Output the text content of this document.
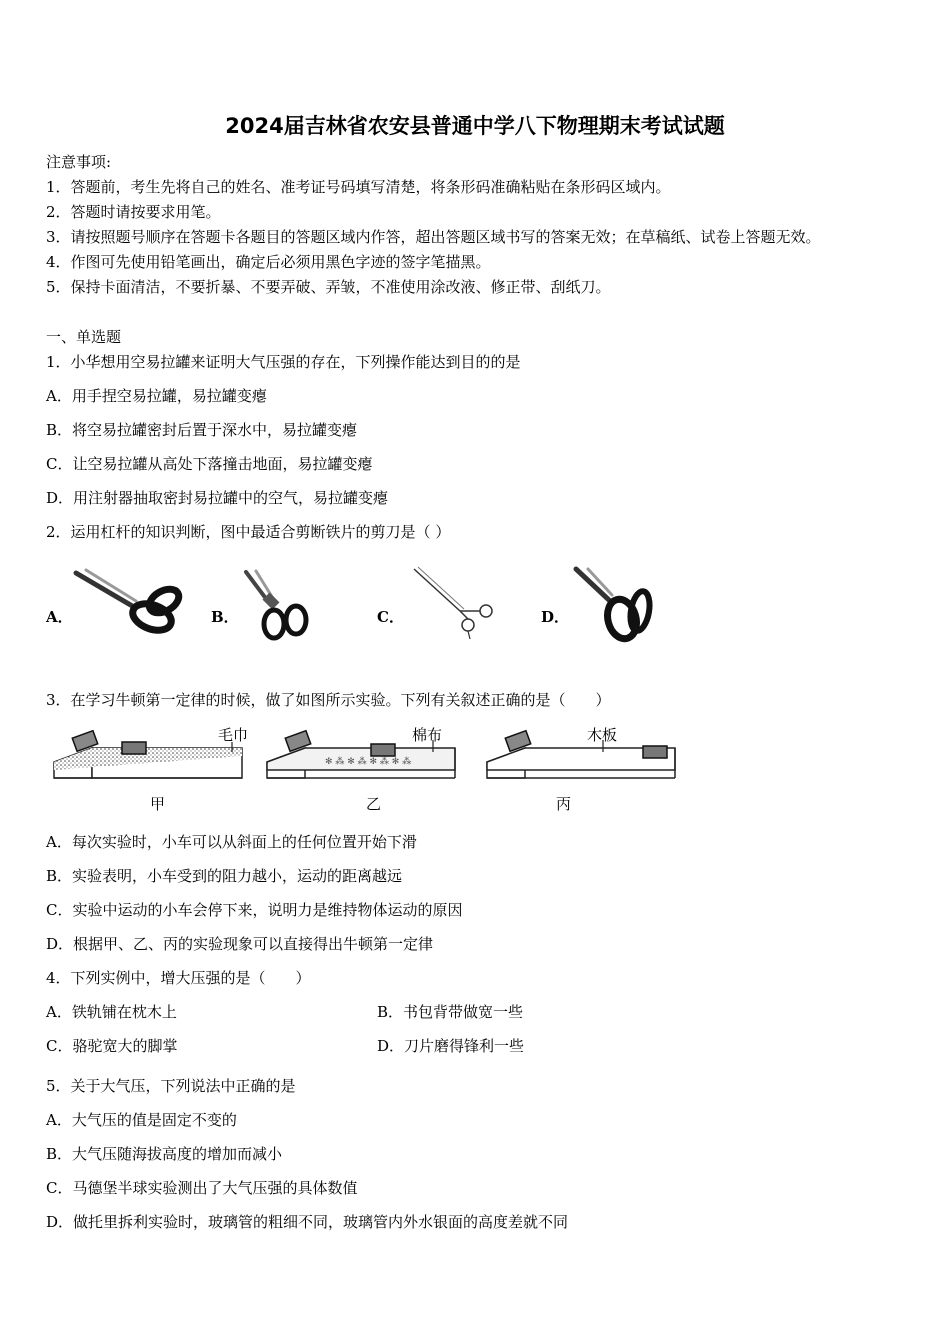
2024届吉林省农安县普通中学八下物理期末考试试题
注意事项:
1．答题前，考生先将自己的姓名、准考证号码填写清楚，将条形码准确粘贴在条形码区域内。
2．答题时请按要求用笔。
3．请按照题号顺序在答题卡各题目的答题区域内作答，超出答题区域书写的答案无效；在草稿纸、试卷上答题无效。
4．作图可先使用铅笔画出，确定后必须用黑色字迹的签字笔描黑。
5．保持卡面清洁，不要折暴、不要弄破、弄皱，不准使用涂改液、修正带、刮纸刀。
一、单选题
1．小华想用空易拉罐来证明大气压强的存在，下列操作能达到目的的是
A．用手捏空易拉罐，易拉罐变瘪
B．将空易拉罐密封后置于深水中，易拉罐变瘪
C．让空易拉罐从高处下落撞击地面，易拉罐变瘪
D．用注射器抽取密封易拉罐中的空气，易拉罐变瘪
2．运用杠杆的知识判断，图中最适合剪断铁片的剪刀是（ ）
A．	B．	C．	D．
3．在学习牛顿第一定律的时候，做了如图所示实验。下列有关叙述正确的是（　　）
毛巾
甲
✻ ⁂ ✻ ⁂ ✻ ⁂ ✻ ⁂
棉布
乙
木板
丙
A．每次实验时，小车可以从斜面上的任何位置开始下滑
B．实验表明，小车受到的阻力越小，运动的距离越远
C．实验中运动的小车会停下来，说明力是维持物体运动的原因
D．根据甲、乙、丙的实验现象可以直接得出牛顿第一定律
4．下列实例中，增大压强的是（　　）
A．铁轨铺在枕木上	B．书包背带做宽一些
C．骆驼宽大的脚掌	D．刀片磨得锋利一些
5．关于大气压，下列说法中正确的是
A．大气压的值是固定不变的
B．大气压随海拔高度的增加而减小
C．马德堡半球实验测出了大气压强的具体数值
D．做托里拆利实验时，玻璃管的粗细不同，玻璃管内外水银面的高度差就不同
